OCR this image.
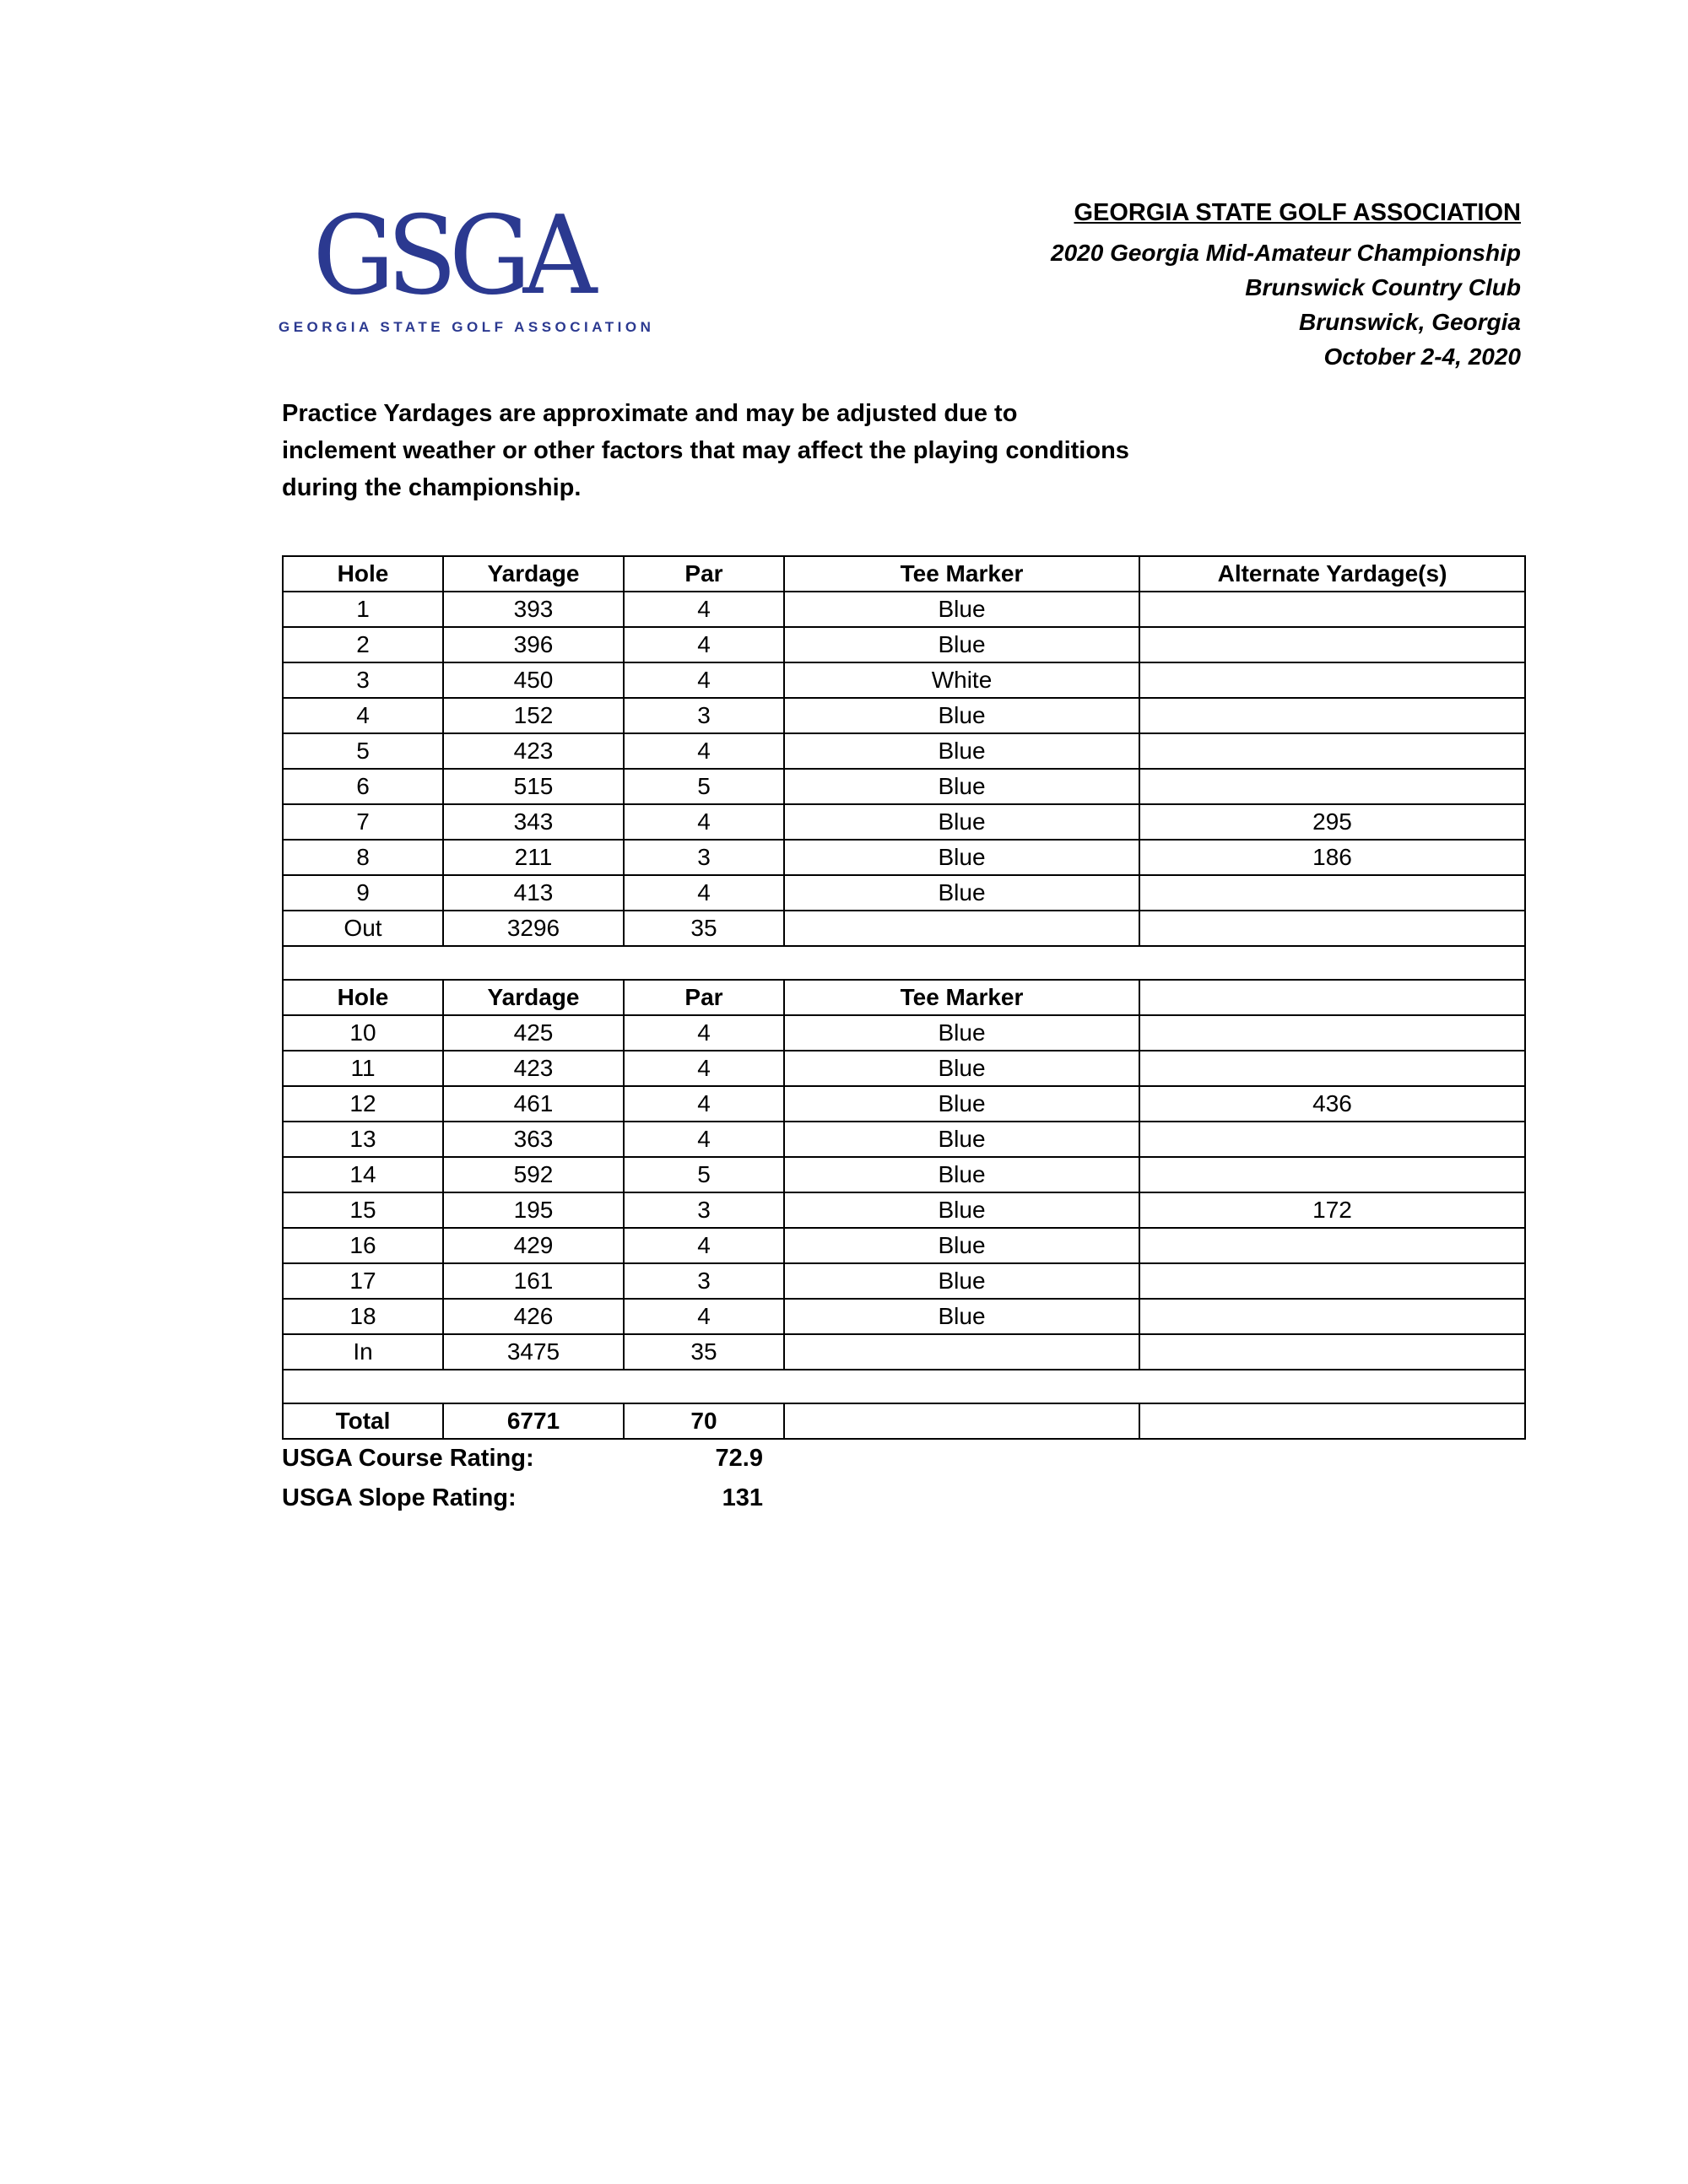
GSGA
GEORGIA STATE GOLF ASSOCIATION
GEORGIA STATE GOLF ASSOCIATION
2020 Georgia Mid-Amateur Championship
Brunswick Country Club
Brunswick, Georgia
October 2-4, 2020
Practice Yardages are approximate and may be adjusted due to inclement weather or other factors that may affect the playing conditions during the championship.
Hole	Yardage	Par	Tee Marker	Alternate Yardage(s)
1	393	4	Blue	
2	396	4	Blue	
3	450	4	White	
4	152	3	Blue	
5	423	4	Blue	
6	515	5	Blue	
7	343	4	Blue	295
8	211	3	Blue	186
9	413	4	Blue	
Out	3296	35		

Hole	Yardage	Par	Tee Marker	
10	425	4	Blue	
11	423	4	Blue	
12	461	4	Blue	436
13	363	4	Blue	
14	592	5	Blue	
15	195	3	Blue	172
16	429	4	Blue	
17	161	3	Blue	
18	426	4	Blue	
In	3475	35		

Total	6771	70		
USGA Course Rating:	72.9
USGA Slope Rating:	131
